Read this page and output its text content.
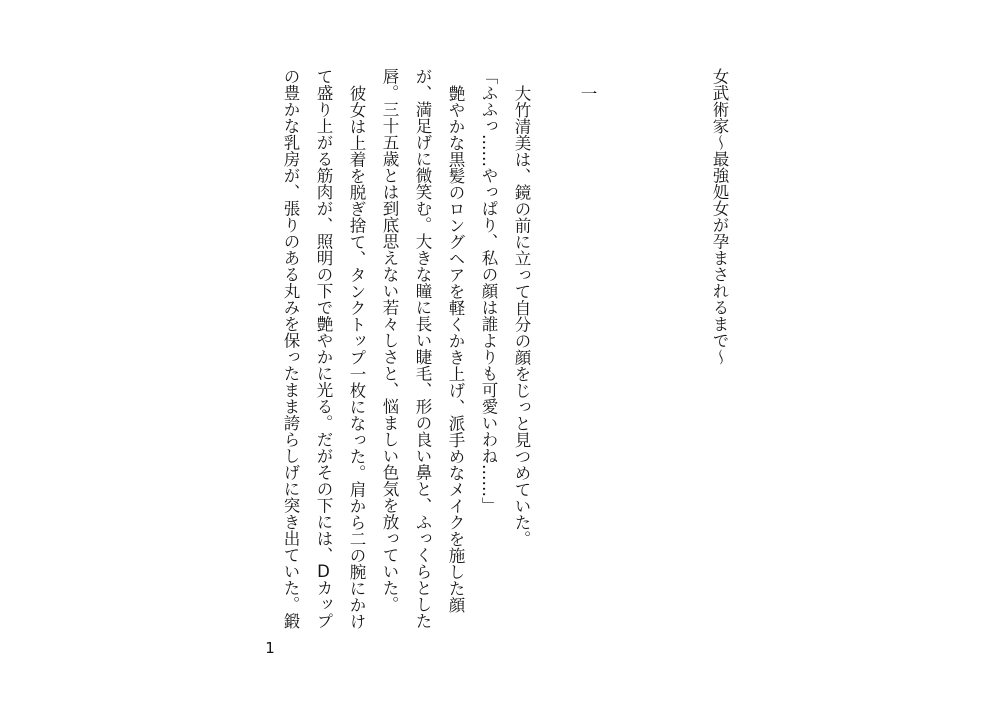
女武術家～最強処女が孕まされるまで～
一
大竹清美は、鏡の前に立って自分の顔をじっと見つめていた。
「ふふっ……やっぱり、私の顔は誰よりも可愛いわね……」
艶やかな黒髪のロングヘアを軽くかき上げ、派手めなメイクを施した顔
が、満足げに微笑む。大きな瞳に長い睫毛、形の良い鼻と、ふっくらとした
唇。三十五歳とは到底思えない若々しさと、悩ましい色気を放っていた。
彼女は上着を脱ぎ捨て、タンクトップ一枚になった。肩から二の腕にかけ
て盛り上がる筋肉が、照明の下で艶やかに光る。だがその下には、Dカップ
の豊かな乳房が、張りのある丸みを保ったまま誇らしげに突き出ていた。鍛
1
